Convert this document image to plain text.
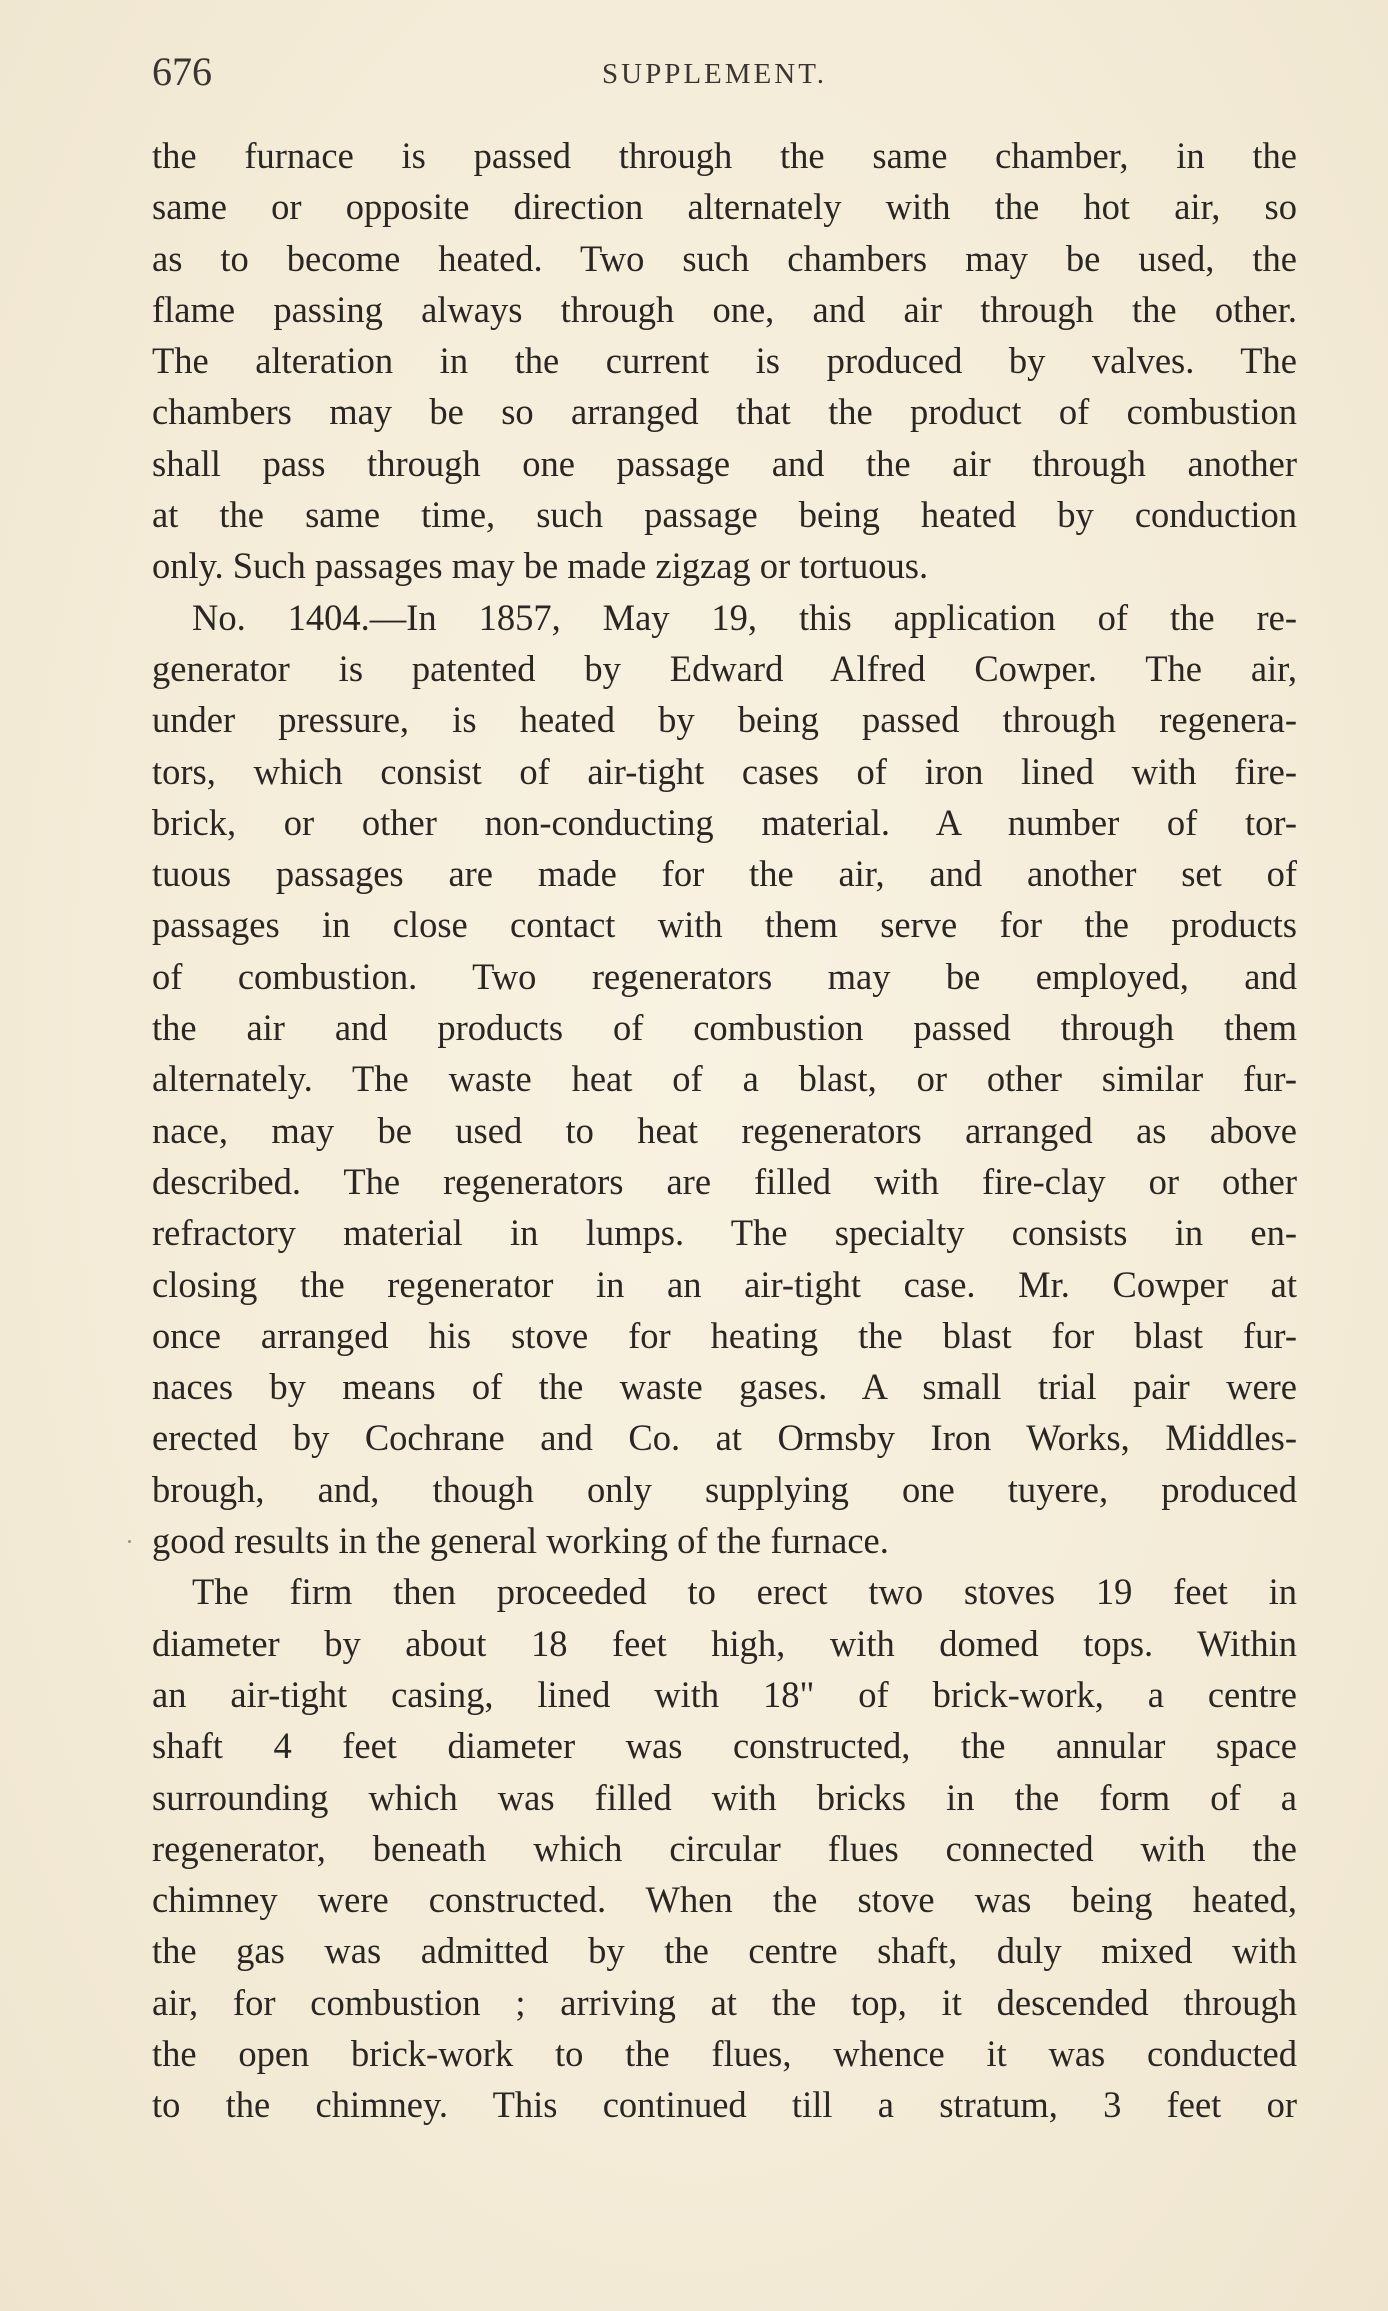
676	SUPPLEMENT.
the furnace is passed through the same chamber, in the
same or opposite direction alternately with the hot air, so
as to become heated. Two such chambers may be used, the
flame passing always through one, and air through the other.
The alteration in the current is produced by valves. The
chambers may be so arranged that the product of combustion
shall pass through one passage and the air through another
at the same time, such passage being heated by conduction
only. Such passages may be made zigzag or tortuous.
No. 1404.—In 1857, May 19, this application of the re-
generator is patented by Edward Alfred Cowper. The air,
under pressure, is heated by being passed through regenera-
tors, which consist of air-tight cases of iron lined with fire-
brick, or other non-conducting material. A number of tor-
tuous passages are made for the air, and another set of
passages in close contact with them serve for the products
of combustion. Two regenerators may be employed, and
the air and products of combustion passed through them
alternately. The waste heat of a blast, or other similar fur-
nace, may be used to heat regenerators arranged as above
described. The regenerators are filled with fire-clay or other
refractory material in lumps. The specialty consists in en-
closing the regenerator in an air-tight case. Mr. Cowper at
once arranged his stove for heating the blast for blast fur-
naces by means of the waste gases. A small trial pair were
erected by Cochrane and Co. at Ormsby Iron Works, Middles-
brough, and, though only supplying one tuyere, produced
good results in the general working of the furnace.
The firm then proceeded to erect two stoves 19 feet in
diameter by about 18 feet high, with domed tops. Within
an air-tight casing, lined with 18" of brick-work, a centre
shaft 4 feet diameter was constructed, the annular space
surrounding which was filled with bricks in the form of a
regenerator, beneath which circular flues connected with the
chimney were constructed. When the stove was being heated,
the gas was admitted by the centre shaft, duly mixed with
air, for combustion ; arriving at the top, it descended through
the open brick-work to the flues, whence it was conducted
to the chimney. This continued till a stratum, 3 feet or
